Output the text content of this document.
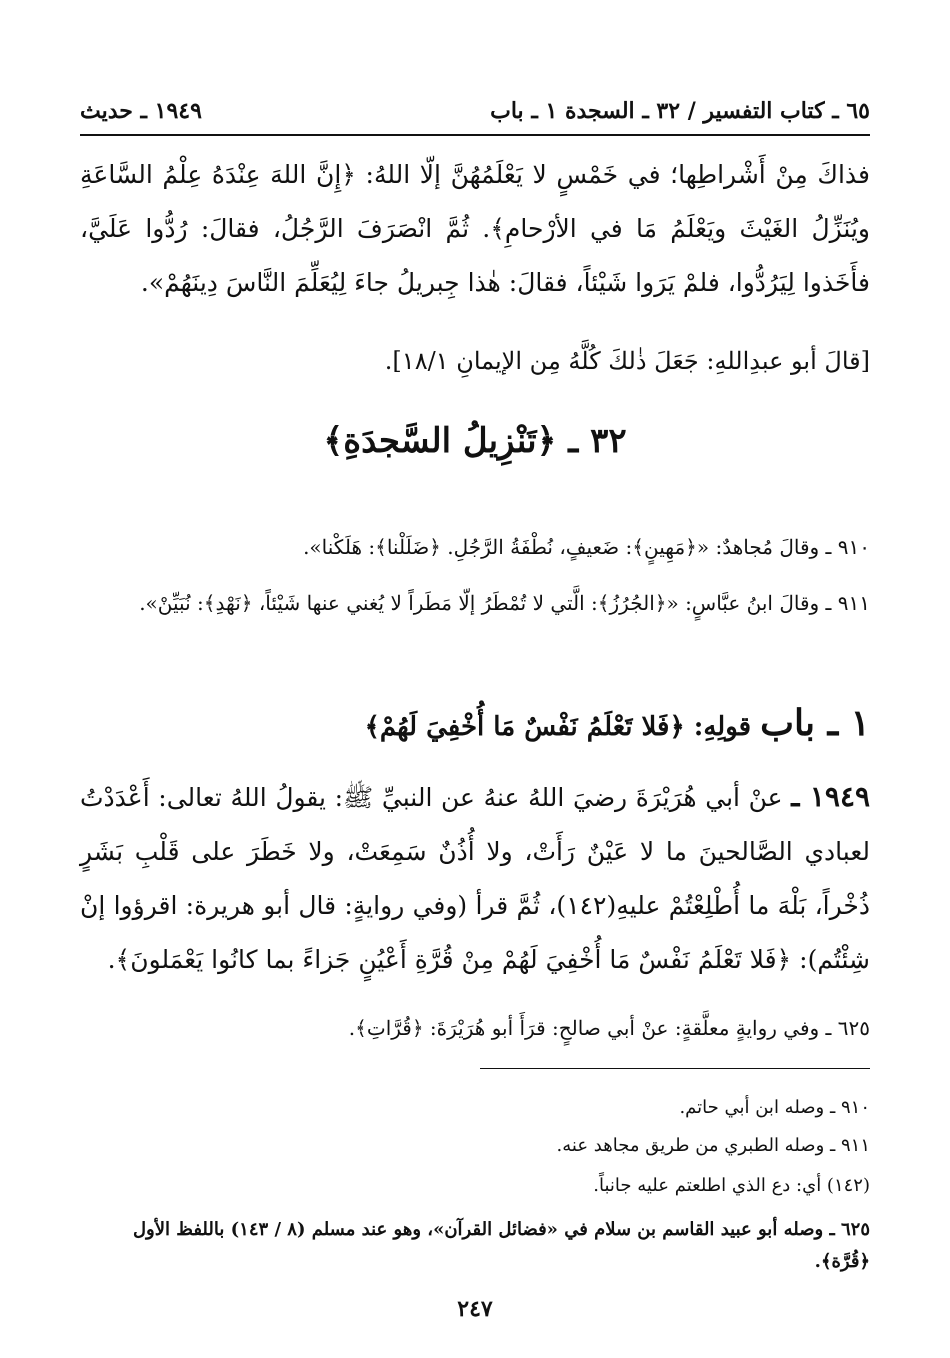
٦٥ ـ كتاب التفسير / ٣٢ ـ السجدة ١ ـ باب
١٩٤٩ ـ حديث
فذاكَ مِنْ أَشْراطِها؛ في خَمْسٍ لا يَعْلَمُهُنَّ إلّا اللهُ: ﴿إِنَّ اللهَ عِنْدَهُ عِلْمُ السَّاعَةِ ويُنَزِّلُ الغَيْثَ ويَعْلَمُ مَا في الأرْحامِ﴾. ثُمَّ انْصَرَفَ الرَّجُلُ، فقالَ: رُدُّوا عَلَيَّ، فأَخَذوا لِيَرُدُّوا، فلمْ يَرَوا شَيْئاً، فقالَ: هٰذا جِبريلُ جاءَ لِيُعَلِّمَ النَّاسَ دِينَهُمْ».
[قالَ أبو عبدِاللهِ: جَعَلَ ذٰلكَ كُلَّهُ مِن الإيمانِ ١٨/١].
٣٢ ـ ﴿تَنْزِيلُ السَّجدَةِ﴾
٩١٠ ـ وقالَ مُجاهدٌ: «﴿مَهِينٍ﴾: ضَعيفٍ، نُطْفَةُ الرَّجُلِ. ﴿ضَلَلْنا﴾: هَلَكْنا».
٩١١ ـ وقالَ ابنُ عبَّاسٍ: «﴿الجُرُزُ﴾: الَّتي لا تُمْطَرُ إلّا مَطَراً لا يُغني عنها شَيْئاً، ﴿نَهْدِ﴾: نُبَيِّنْ».
١ ـ باب قولِهِ: ﴿فَلا تَعْلَمُ نَفْسٌ مَا أُخْفِيَ لَهُمْ﴾
١٩٤٩ ـ عنْ أبي هُرَيْرَةَ رضيَ اللهُ عنهُ عن النبيِّ ﷺ: يقولُ اللهُ تعالى: أَعْدَدْتُ لعبادي الصَّالحينَ ما لا عَيْنٌ رَأَتْ، ولا أُذُنٌ سَمِعَتْ، ولا خَطَرَ على قَلْبِ بَشَرٍ ذُخْراً، بَلْهَ ما أُطْلِعْتُمْ عليهِ(١٤٢)، ثُمَّ قرأ (وفي روايةٍ: قال أبو هريرة: اقرؤوا إنْ شِئْتُم): ﴿فَلا تَعْلَمُ نَفْسٌ مَا أُخْفِيَ لَهُمْ مِنْ قُرَّةِ أَعْيُنٍ جَزاءً بما كانُوا يَعْمَلونَ﴾.
٦٢٥ ـ وفي روايةٍ معلَّقةٍ: عنْ أبي صالحٍ: قرَأَ أبو هُرَيْرَةَ: ﴿قُرَّاتِ﴾.
٩١٠ ـ وصله ابن أبي حاتم.
٩١١ ـ وصله الطبري من طريق مجاهد عنه.
(١٤٢) أي: دع الذي اطلعتم عليه جانباً.
٦٢٥ ـ وصله أبو عبيد القاسم بن سلام في «فضائل القرآن»، وهو عند مسلم (٨ / ١٤٣) باللفظ الأول ﴿قُرَّة﴾.
٢٤٧
